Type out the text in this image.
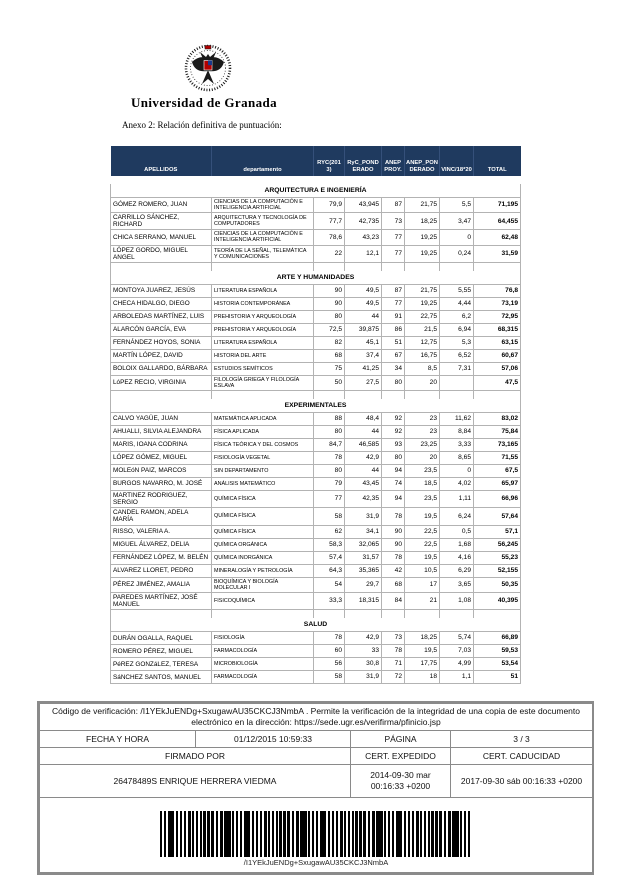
Universidad de Granada
Anexo 2: Relación definitiva de puntuación:
APELLIDOS	departamento	RYC(2013)	RyC_PONDERADO	ANEP PROY.	ANEP_PONDERADO	VINC/18*20	TOTAL

ARQUITECTURA E INGENIERÍA							
GÓMEZ ROMERO, JUAN	CIENCIAS DE LA COMPUTACIÓN E INTELIGENCIA ARTIFICIAL	79,9	43,945	87	21,75	5,5	71,195
CARRILLO SÁNCHEZ, RICHARD	ARQUITECTURA Y TECNOLOGÍA DE COMPUTADORES	77,7	42,735	73	18,25	3,47	64,455
CHICA SERRANO, MANUEL	CIENCIAS DE LA COMPUTACIÓN E INTELIGENCIA ARTIFICIAL	78,6	43,23	77	19,25	0	62,48
LÓPEZ GORDO, MIGUEL ANGEL	TEORÍA DE LA SEÑAL, TELEMÁTICA Y COMUNICACIONES	22	12,1	77	19,25	0,24	31,59

ARTE Y HUMANIDADES							
MONTOYA JUAREZ, JESÚS	LITERATURA ESPAÑOLA	90	49,5	87	21,75	5,55	76,8
CHECA HIDALGO, DIEGO	HISTORIA CONTEMPORÁNEA	90	49,5	77	19,25	4,44	73,19
ARBOLEDAS MARTÍNEZ, LUIS	PREHISTORIA Y ARQUEOLOGÍA	80	44	91	22,75	6,2	72,95
ALARCÓN GARCÍA, EVA	PREHISTORIA Y ARQUEOLOGÍA	72,5	39,875	86	21,5	6,94	68,315
FERNÁNDEZ HOYOS, SONIA	LITERATURA ESPAÑOLA	82	45,1	51	12,75	5,3	63,15
MARTÍN LÓPEZ, DAVID	HISTORIA DEL ARTE	68	37,4	67	16,75	6,52	60,67
BOLOIX GALLARDO, BÁRBARA	ESTUDIOS SEMÍTICOS	75	41,25	34	8,5	7,31	57,06
LóPEZ RECIO, VIRGINIA	FILOLOGÍA GRIEGA Y FILOLOGÍA ESLAVA	50	27,5	80	20		47,5

EXPERIMENTALES							
CALVO YAGÜE, JUAN	MATEMÁTICA APLICADA	88	48,4	92	23	11,62	83,02
AHUALLI, SILVIA ALEJANDRA	FÍSICA APLICADA	80	44	92	23	8,84	75,84
MARIS, IOANA CODRINA	FÍSICA TEÓRICA Y DEL COSMOS	84,7	46,585	93	23,25	3,33	73,165
LÓPEZ GÓMEZ, MIGUEL	FISIOLOGÍA VEGETAL	78	42,9	80	20	8,65	71,55
MOLEóN PAIZ, MARCOS	SIN DEPARTAMENTO	80	44	94	23,5	0	67,5
BURGOS NAVARRO, M. JOSÉ	ANÁLISIS MATEMÁTICO	79	43,45	74	18,5	4,02	65,97
MARTINEZ RODRIGUEZ, SERGIO	QUÍMICA FÍSICA	77	42,35	94	23,5	1,11	66,96
CANDEL RAMON, ADELA MARÍA	QUÍMICA FÍSICA	58	31,9	78	19,5	6,24	57,64
RISSO, VALERIA A.	QUÍMICA FÍSICA	62	34,1	90	22,5	0,5	57,1
MIGUEL ÁLVAREZ, DELIA	QUÍMICA ORGÁNICA	58,3	32,065	90	22,5	1,68	56,245
FERNÁNDEZ LÓPEZ, M. BELÉN	QUÍMICA INORGÁNICA	57,4	31,57	78	19,5	4,16	55,23
ALVAREZ LLORET, PEDRO	MINERALOGÍA Y PETROLOGÍA	64,3	35,365	42	10,5	6,29	52,155
PÉREZ JIMÉNEZ, AMALIA	BIOQUÍMICA Y BIOLOGÍA MOLECULAR I	54	29,7	68	17	3,65	50,35
PAREDES MARTÍNEZ, JOSÉ MANUEL	FISICOQUÍMICA	33,3	18,315	84	21	1,08	40,395

SALUD							
DURÁN OGALLA, RAQUEL	FISIOLOGÍA	78	42,9	73	18,25	5,74	66,89
ROMERO PÉREZ, MIGUEL	FARMACOLOGÍA	60	33	78	19,5	7,03	59,53
PéREZ GONZáLEZ, TERESA	MICROBIOLOGÍA	56	30,8	71	17,75	4,99	53,54
SáNCHEZ SANTOS, MANUEL	FARMACOLOGÍA	58	31,9	72	18	1,1	51
Código de verificación: /I1YEkJuENDg+SxugawAU35CKCJ3NmbA . Permite la verificación de la integridad de una copia de este documento electrónico en la dirección: https://sede.ugr.es/verifirma/pfinicio.jsp			
FECHA Y HORA	01/12/2015 10:59:33	PÁGINA	3 / 3
FIRMADO POR		CERT. EXPEDIDO	CERT. CADUCIDAD
26478489S ENRIQUE HERRERA VIEDMA		2014-09-30 mar 00:16:33 +0200	2017-09-30 sáb 00:16:33 +0200

/I1YEkJuENDg+SxugawAU35CKCJ3NmbA			
